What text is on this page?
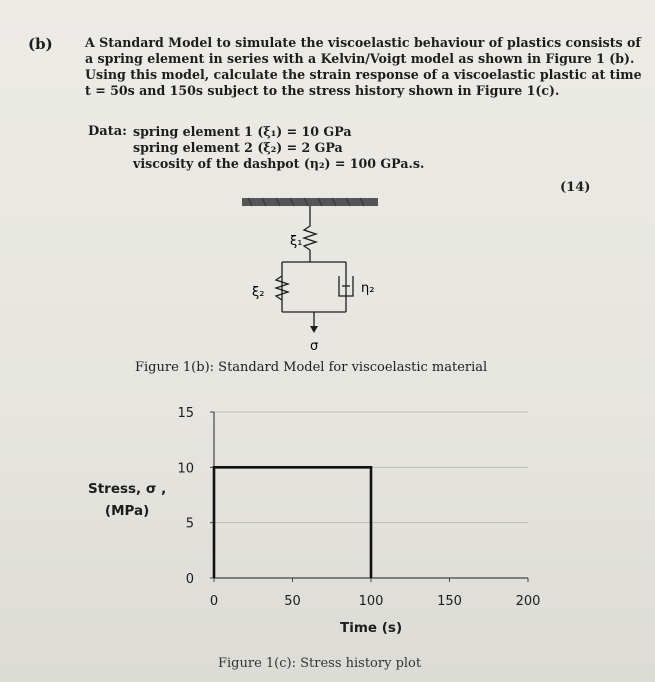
(b)	A Standard Model to simulate the viscoelastic behaviour of plastics consists of
a spring element in series with a Kelvin/Voigt model as shown in Figure 1 (b).
Using this model, calculate the strain response of a viscoelastic plastic at time
t = 50s and 150s subject to the stress history shown in Figure 1(c).
Data: spring element 1 (ξ₁) = 10 GPa
spring element 2 (ξ₂) = 2 GPa
viscosity of the dashpot (η₂) = 100 GPa.s.
(14)
ξ₁
ξ₂	η₂
σ
Figure 1(b): Standard Model for viscoelastic material
Stress, σ ,
(MPa)
0	50	100	150	200
0
5
10
15
Time (s)
Figure 1(c): Stress history plot
